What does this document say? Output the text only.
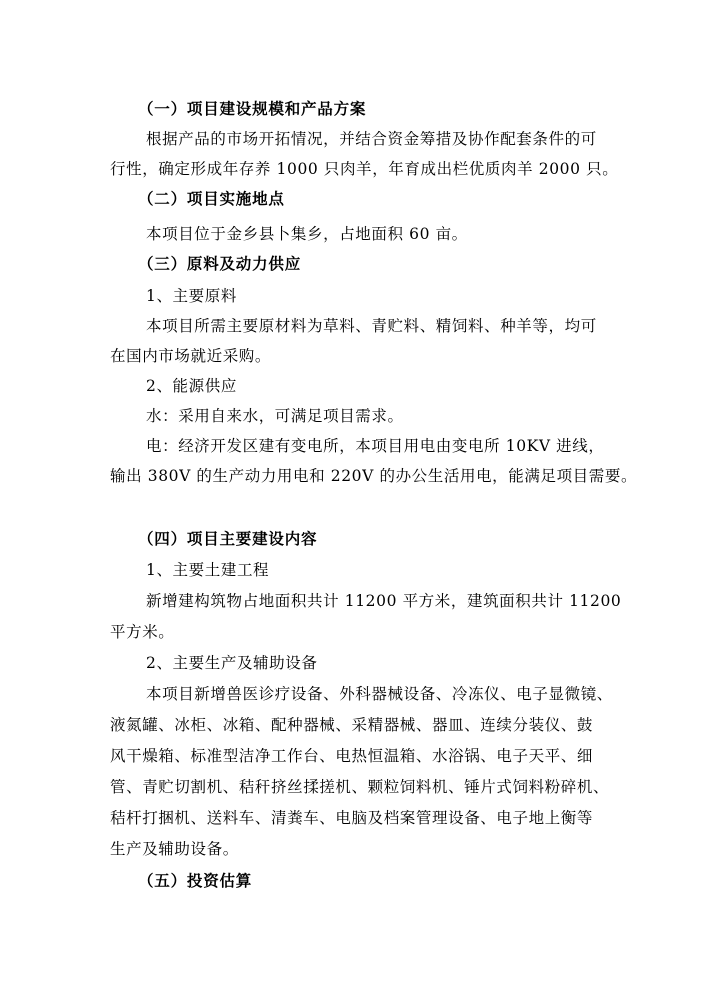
（一）项目建设规模和产品方案
根据产品的市场开拓情况，并结合资金筹措及协作配套条件的可
行性，确定形成年存养 1000 只肉羊，年育成出栏优质肉羊 2000 只。
（二）项目实施地点
本项目位于金乡县卜集乡，占地面积 60 亩。
（三）原料及动力供应
1、主要原料
本项目所需主要原材料为草料、青贮料、精饲料、种羊等，均可
在国内市场就近采购。
2、能源供应
水：采用自来水，可满足项目需求。
电：经济开发区建有变电所，本项目用电由变电所 10KV 进线，
输出 380V 的生产动力用电和 220V 的办公生活用电，能满足项目需要。
（四）项目主要建设内容
1、主要土建工程
新增建构筑物占地面积共计 11200 平方米，建筑面积共计 11200
平方米。
2、主要生产及辅助设备
本项目新增兽医诊疗设备、外科器械设备、冷冻仪、电子显微镜、
液氮罐、冰柜、冰箱、配种器械、采精器械、器皿、连续分装仪、鼓
风干燥箱、标准型洁净工作台、电热恒温箱、水浴锅、电子天平、细
管、青贮切割机、秸秆挤丝揉搓机、颗粒饲料机、锤片式饲料粉碎机、
秸杆打捆机、送料车、清粪车、电脑及档案管理设备、电子地上衡等
生产及辅助设备。
（五）投资估算
